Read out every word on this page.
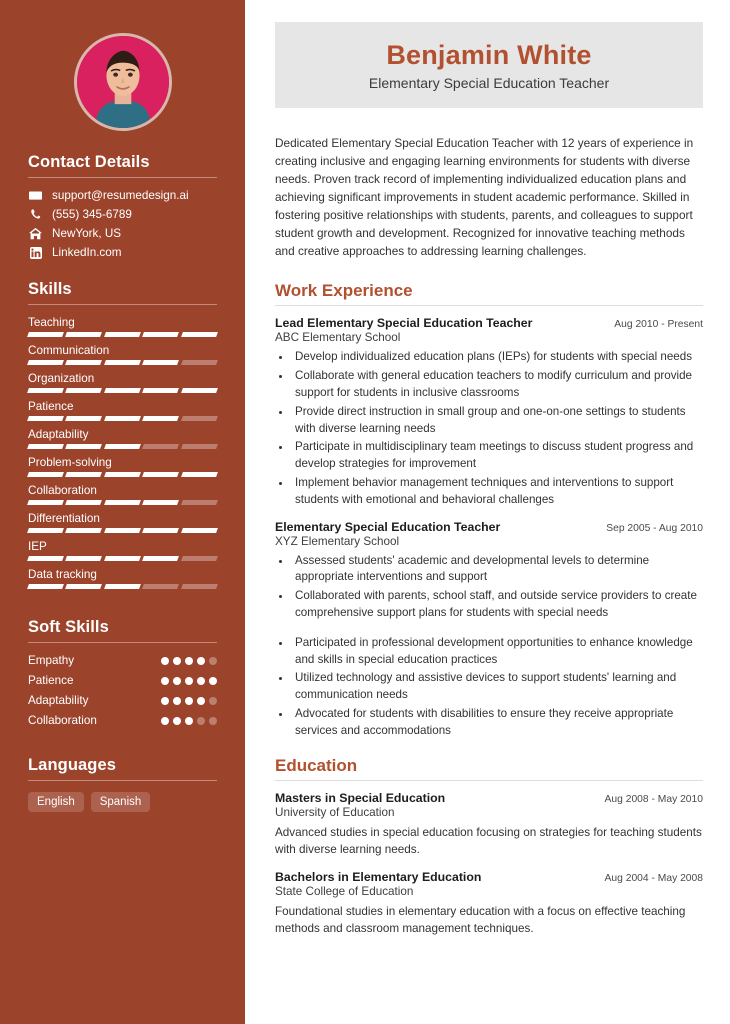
Contact Details
support@resumedesign.ai
(555) 345-6789
NewYork, US
LinkedIn.com
Skills
Teaching
Communication
Organization
Patience
Adaptability
Problem-solving
Collaboration
Differentiation
IEP
Data tracking
Soft Skills
Empathy
Patience
Adaptability
Collaboration
Languages
English	Spanish
Benjamin White
Elementary Special Education Teacher

Dedicated Elementary Special Education Teacher with 12 years of experience in creating inclusive and engaging learning environments for students with diverse needs. Proven track record of implementing individualized education plans and achieving significant improvements in student academic performance. Skilled in fostering positive relationships with students, parents, and colleagues to support student growth and development. Recognized for innovative teaching methods and creative approaches to addressing learning challenges.

Work Experience
Lead Elementary Special Education Teacher	Aug 2010 - Present
ABC Elementary School
• Develop individualized education plans (IEPs) for students with special needs
• Collaborate with general education teachers to modify curriculum and provide support for students in inclusive classrooms
• Provide direct instruction in small group and one-on-one settings to students with diverse learning needs
• Participate in multidisciplinary team meetings to discuss student progress and develop strategies for improvement
• Implement behavior management techniques and interventions to support students with emotional and behavioral challenges
Elementary Special Education Teacher	Sep 2005 - Aug 2010
XYZ Elementary School
• Assessed students' academic and developmental levels to determine appropriate interventions and support
• Collaborated with parents, school staff, and outside service providers to create comprehensive support plans for students with special needs
• Participated in professional development opportunities to enhance knowledge and skills in special education practices
• Utilized technology and assistive devices to support students' learning and communication needs
• Advocated for students with disabilities to ensure they receive appropriate services and accommodations
Education
Masters in Special Education	Aug 2008 - May 2010
University of Education
Advanced studies in special education focusing on strategies for teaching students with diverse learning needs.
Bachelors in Elementary Education	Aug 2004 - May 2008
State College of Education
Foundational studies in elementary education with a focus on effective teaching methods and classroom management techniques.
